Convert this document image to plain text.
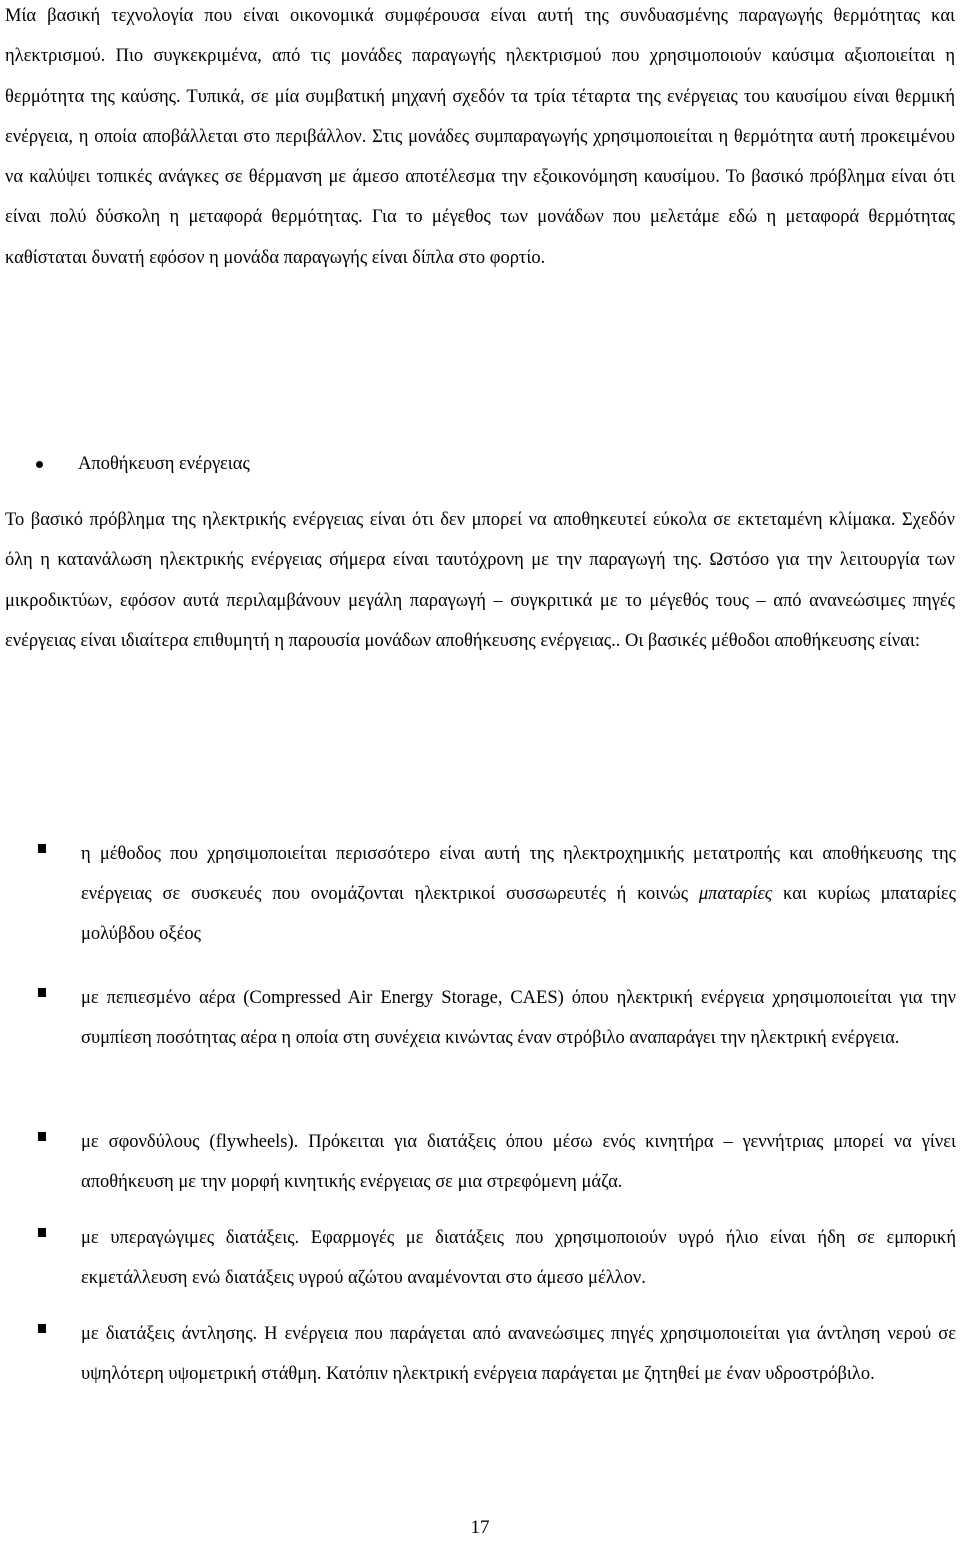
Μία βασική τεχνολογία που είναι οικονομικά συμφέρουσα είναι αυτή της συνδυασμένης παραγωγής θερμότητας και ηλεκτρισμού. Πιο συγκεκριμένα, από τις μονάδες παραγωγής ηλεκτρισμού που χρησιμοποιούν καύσιμα αξιοποιείται η θερμότητα της καύσης. Τυπικά, σε μία συμβατική μηχανή σχεδόν τα τρία τέταρτα της ενέργειας του καυσίμου είναι θερμική ενέργεια, η οποία αποβάλλεται στο περιβάλλον. Στις μονάδες συμπαραγωγής χρησιμοποιείται η θερμότητα αυτή προκειμένου να καλύψει τοπικές ανάγκες σε θέρμανση με άμεσο αποτέλεσμα την εξοικονόμηση καυσίμου. Το βασικό πρόβλημα είναι ότι είναι πολύ δύσκολη η μεταφορά θερμότητας. Για το μέγεθος των μονάδων που μελετάμε εδώ η μεταφορά θερμότητας καθίσταται δυνατή εφόσον η μονάδα παραγωγής είναι δίπλα στο φορτίο.

Αποθήκευση ενέργειας

Το βασικό πρόβλημα της ηλεκτρικής ενέργειας είναι ότι δεν μπορεί να αποθηκευτεί εύκολα σε εκτεταμένη κλίμακα. Σχεδόν όλη η κατανάλωση ηλεκτρικής ενέργειας σήμερα είναι ταυτόχρονη με την παραγωγή της. Ωστόσο για την λειτουργία των μικροδικτύων, εφόσον αυτά περιλαμβάνουν μεγάλη παραγωγή – συγκριτικά με το μέγεθός τους – από ανανεώσιμες πηγές ενέργειας είναι ιδιαίτερα επιθυμητή η παρουσία μονάδων αποθήκευσης ενέργειας.. Οι βασικές μέθοδοι αποθήκευσης είναι:

η μέθοδος που χρησιμοποιείται περισσότερο είναι αυτή της ηλεκτροχημικής μετατροπής και αποθήκευσης της ενέργειας σε συσκευές που ονομάζονται ηλεκτρικοί συσσωρευτές ή κοινώς μπαταρίες και κυρίως μπαταρίες μολύβδου οξέος

με πεπιεσμένο αέρα (Compressed Air Energy Storage, CAES) όπου ηλεκτρική ενέργεια χρησιμοποιείται για την συμπίεση ποσότητας αέρα η οποία στη συνέχεια κινώντας έναν στρόβιλο αναπαράγει την ηλεκτρική ενέργεια.

με σφονδύλους (flywheels). Πρόκειται για διατάξεις όπου μέσω ενός κινητήρα – γεννήτριας μπορεί να γίνει αποθήκευση με την μορφή κινητικής ενέργειας σε μια στρεφόμενη μάζα.

με υπεραγώγιμες διατάξεις. Εφαρμογές με διατάξεις που χρησιμοποιούν υγρό ήλιο είναι ήδη σε εμπορική εκμετάλλευση ενώ διατάξεις υγρού αζώτου αναμένονται στο άμεσο μέλλον.

με διατάξεις άντλησης. Η ενέργεια που παράγεται από ανανεώσιμες πηγές χρησιμοποιείται για άντληση νερού σε υψηλότερη υψομετρική στάθμη. Κατόπιν ηλεκτρική ενέργεια παράγεται με ζητηθεί με έναν υδροστρόβιλο.

17
